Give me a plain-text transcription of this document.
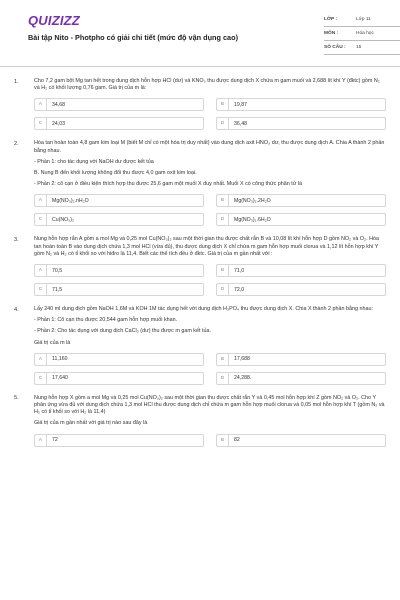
QUIZIZZ
Bài tập Nito - Photpho có giải chi tiết (mức độ vận dụng cao)
LỚP :	Lớp 11
MÔN :	Hóa học
SỐ CÂU :	15
1.	Cho 7,2 gam bột Mg tan hết trong dung dịch hỗn hợp HCl (dư) và KNO₃ thu được dung dịch X chứa m gam muối và 2,688 lít khí Y (đktc) gồm N₂ và H₂ có khối lượng 0,76 gam. Giá trị của m là:

A	34,68	B	19,87
C	24,03	D	36,48
2.	Hòa tan hoàn toàn 4,8 gam kim loại M (biết M chỉ có một hóa trị duy nhất) vào dung dịch axit HNO₃ dư, thu được dung dịch A. Chia A thành 2 phần bằng nhau.

- Phần 1: cho tác dụng với NaOH dư được kết tủa

B. Nung B đến khối lượng không đổi thu được 4,0 gam oxit kim loại.

- Phần 2: cô cạn ở điều kiện thích hợp thu được 25,6 gam một muối X duy nhất. Muối X có công thức phân tử là

A	Mg(NO₃)₂.nH₂O	B	Mg(NO₃)₂.2H₂O
C	Cu(NO₃)₂	D	Mg(NO₃)₂.6H₂O
3.	Nung hỗn hợp rắn A gồm a mol Mg và 0,25 mol Cu(NO₃)₂ sau một thời gian thu được chất rắn B và 10,08 lít khí hỗn hợp D gồm NO₂ và O₂. Hòa tan hoàn toàn B vào dung dịch chứa 1,3 mol HCl (vừa đủ), thu được dung dịch X chỉ chứa m gam hỗn hợp muối clorua và 1,12 lít hỗn hợp khí Y gồm N₂ và H₂ có tỉ khối so với hiđro là 11,4. Biết các thể tích đều ở đktc. Giá trị của m gần nhất với :

A	70,5	B	71,0
C	71,5	D	72,0
4.	Lấy 240 ml dung dịch gồm NaOH 1,6M và KOH 1M tác dụng hết với dung dịch H₃PO₄ thu được dung dịch X. Chia X thành 2 phần bằng nhau:

- Phần 1: Cô cạn thu được 20,544 gam hỗn hợp muối khan.

- Phần 2: Cho tác dụng với dung dịch CaCl₂ (dư) thu được m gam kết tủa.

Giá trị của m là

A	11,160	B	17,688
C	17,640	D	24,288.
5.	Nung hỗn hợp X gồm a mol Mg và 0,25 mol Cu(NO₃)₂ sau một thời gian thu được chất rắn Y và 0,45 mol hỗn hợp khí Z gồm NO₂ và O₂. Cho Y phản ứng vừa đủ với dung dịch chứa 1,3 mol HCl thu được dung dịch chỉ chứa m gam hỗn hợp muối clorua và 0,05 mol hỗn hợp khí T (gồm N₂ và H₂ có tỉ khối so với H₂ là 11,4)

Giá trị của m gần nhất với giá trị nào sau đây là

A	72	B	82
